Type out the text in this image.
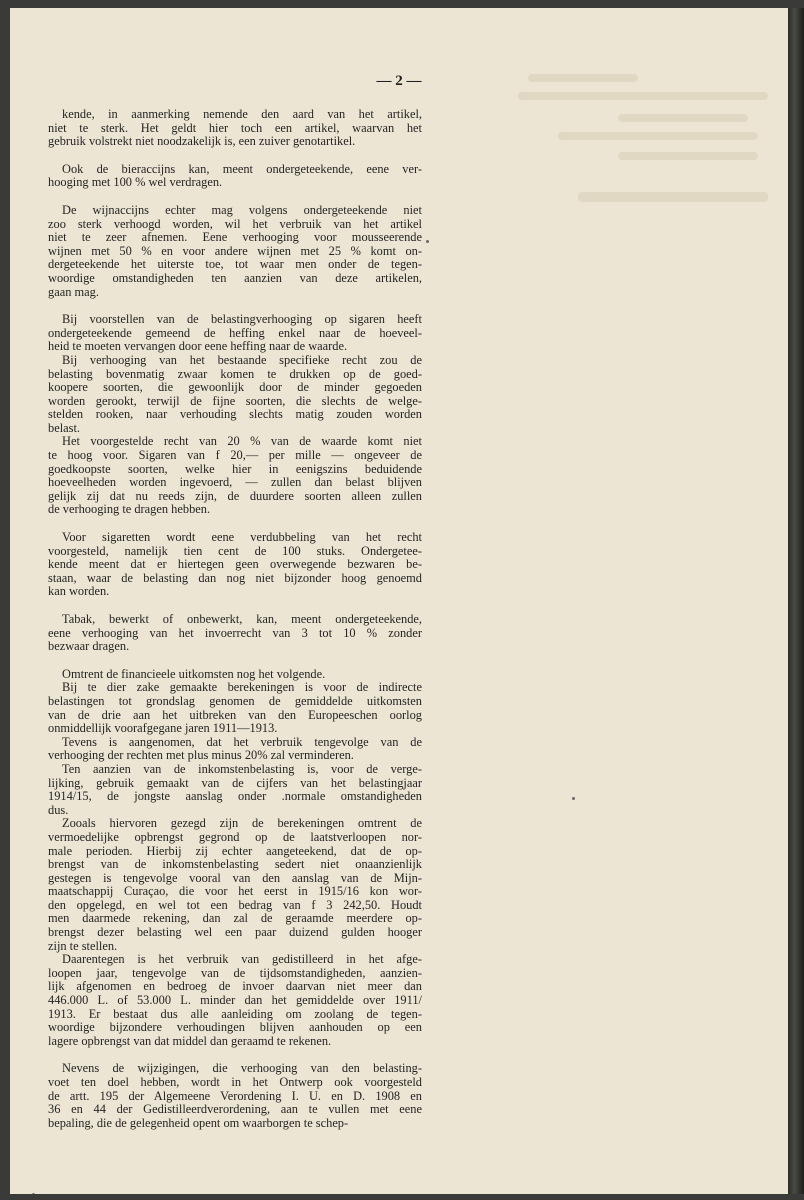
— 2 —
kende, in aanmerking nemende den aard van het artikel,
niet te sterk. Het geldt hier toch een artikel, waarvan het
gebruik volstrekt niet noodzakelijk is, een zuiver genotartikel.
Ook de bieraccijns kan, meent ondergeteekende, eene ver-
hooging met 100 % wel verdragen.
De wijnaccijns echter mag volgens ondergeteekende niet
zoo sterk verhoogd worden, wil het verbruik van het artikel
niet te zeer afnemen. Eene verhooging voor mousseerende
wijnen met 50 % en voor andere wijnen met 25 % komt on-
dergeteekende het uiterste toe, tot waar men onder de tegen-
woordige omstandigheden ten aanzien van deze artikelen,
gaan mag.
Bij voorstellen van de belastingverhooging op sigaren heeft
ondergeteekende gemeend de heffing enkel naar de hoeveel-
heid te moeten vervangen door eene heffing naar de waarde.
Bij verhooging van het bestaande specifieke recht zou de
belasting bovenmatig zwaar komen te drukken op de goed-
koopere soorten, die gewoonlijk door de minder gegoeden
worden gerookt, terwijl de fijne soorten, die slechts de welge-
stelden rooken, naar verhouding slechts matig zouden worden
belast.
Het voorgestelde recht van 20 % van de waarde komt niet
te hoog voor. Sigaren van f 20,— per mille — ongeveer de
goedkoopste soorten, welke hier in eenigszins beduidende
hoeveelheden worden ingevoerd, — zullen dan belast blijven
gelijk zij dat nu reeds zijn, de duurdere soorten alleen zullen
de verhooging te dragen hebben.
Voor sigaretten wordt eene verdubbeling van het recht
voorgesteld, namelijk tien cent de 100 stuks. Ondergetee-
kende meent dat er hiertegen geen overwegende bezwaren be-
staan, waar de belasting dan nog niet bijzonder hoog genoemd
kan worden.
Tabak, bewerkt of onbewerkt, kan, meent ondergeteekende,
eene verhooging van het invoerrecht van 3 tot 10 % zonder
bezwaar dragen.
Omtrent de financieele uitkomsten nog het volgende.
Bij te dier zake gemaakte berekeningen is voor de indirecte
belastingen tot grondslag genomen de gemiddelde uitkomsten
van de drie aan het uitbreken van den Europeeschen oorlog
onmiddellijk voorafgegane jaren 1911—1913.
Tevens is aangenomen, dat het verbruik tengevolge van de
verhooging der rechten met plus minus 20% zal verminderen.
Ten aanzien van de inkomstenbelasting is, voor de verge-
lijking, gebruik gemaakt van de cijfers van het belastingjaar
1914/15, de jongste aanslag onder .normale omstandigheden
dus.
Zooals hiervoren gezegd zijn de berekeningen omtrent de
vermoedelijke opbrengst gegrond op de laatstverloopen nor-
male perioden. Hierbij zij echter aangeteekend, dat de op-
brengst van de inkomstenbelasting sedert niet onaanzienlijk
gestegen is tengevolge vooral van den aanslag van de Mijn-
maatschappij Curaçao, die voor het eerst in 1915/16 kon wor-
den opgelegd, en wel tot een bedrag van f 3 242,50. Houdt
men daarmede rekening, dan zal de geraamde meerdere op-
brengst dezer belasting wel een paar duizend gulden hooger
zijn te stellen.
Daarentegen is het verbruik van gedistilleerd in het afge-
loopen jaar, tengevolge van de tijdsomstandigheden, aanzien-
lijk afgenomen en bedroeg de invoer daarvan niet meer dan
446.000 L. of 53.000 L. minder dan het gemiddelde over 1911/
1913. Er bestaat dus alle aanleiding om zoolang de tegen-
woordige bijzondere verhoudingen blijven aanhouden op een
lagere opbrengst van dat middel dan geraamd te rekenen.
Nevens de wijzigingen, die verhooging van den belasting-
voet ten doel hebben, wordt in het Ontwerp ook voorgesteld
de artt. 195 der Algemeene Verordening I. U. en D. 1908 en
36 en 44 der Gedistilleerdverordening, aan te vullen met eene
bepaling, die de gelegenheid opent om waarborgen te schep-
